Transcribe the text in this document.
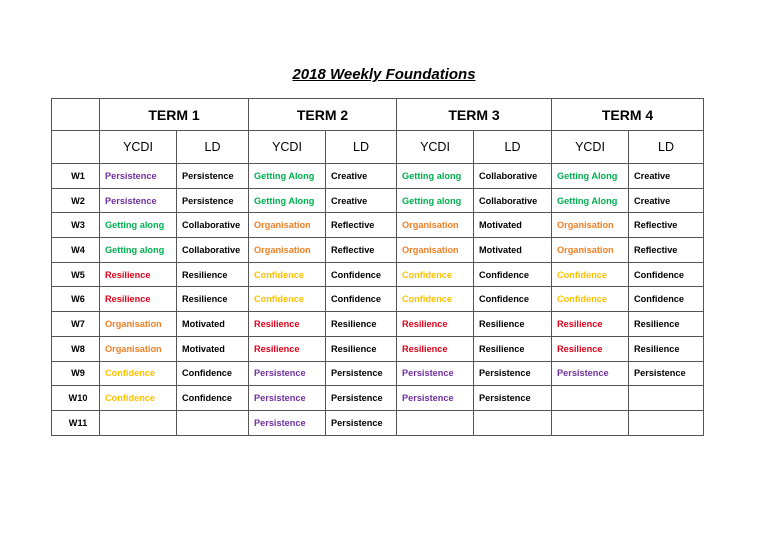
2018 Weekly Foundations
	TERM 1		TERM 2		TERM 3		TERM 4	
	YCDI	LD	YCDI	LD	YCDI	LD	YCDI	LD
W1	Persistence	Persistence	Getting Along	Creative	Getting along	Collaborative	Getting Along	Creative
W2	Persistence	Persistence	Getting Along	Creative	Getting along	Collaborative	Getting Along	Creative
W3	Getting along	Collaborative	Organisation	Reflective	Organisation	Motivated	Organisation	Reflective
W4	Getting along	Collaborative	Organisation	Reflective	Organisation	Motivated	Organisation	Reflective
W5	Resilience	Resilience	Confidence	Confidence	Confidence	Confidence	Confidence	Confidence
W6	Resilience	Resilience	Confidence	Confidence	Confidence	Confidence	Confidence	Confidence
W7	Organisation	Motivated	Resilience	Resilience	Resilience	Resilience	Resilience	Resilience
W8	Organisation	Motivated	Resilience	Resilience	Resilience	Resilience	Resilience	Resilience
W9	Confidence	Confidence	Persistence	Persistence	Persistence	Persistence	Persistence	Persistence
W10	Confidence	Confidence	Persistence	Persistence	Persistence	Persistence		
W11			Persistence	Persistence				
